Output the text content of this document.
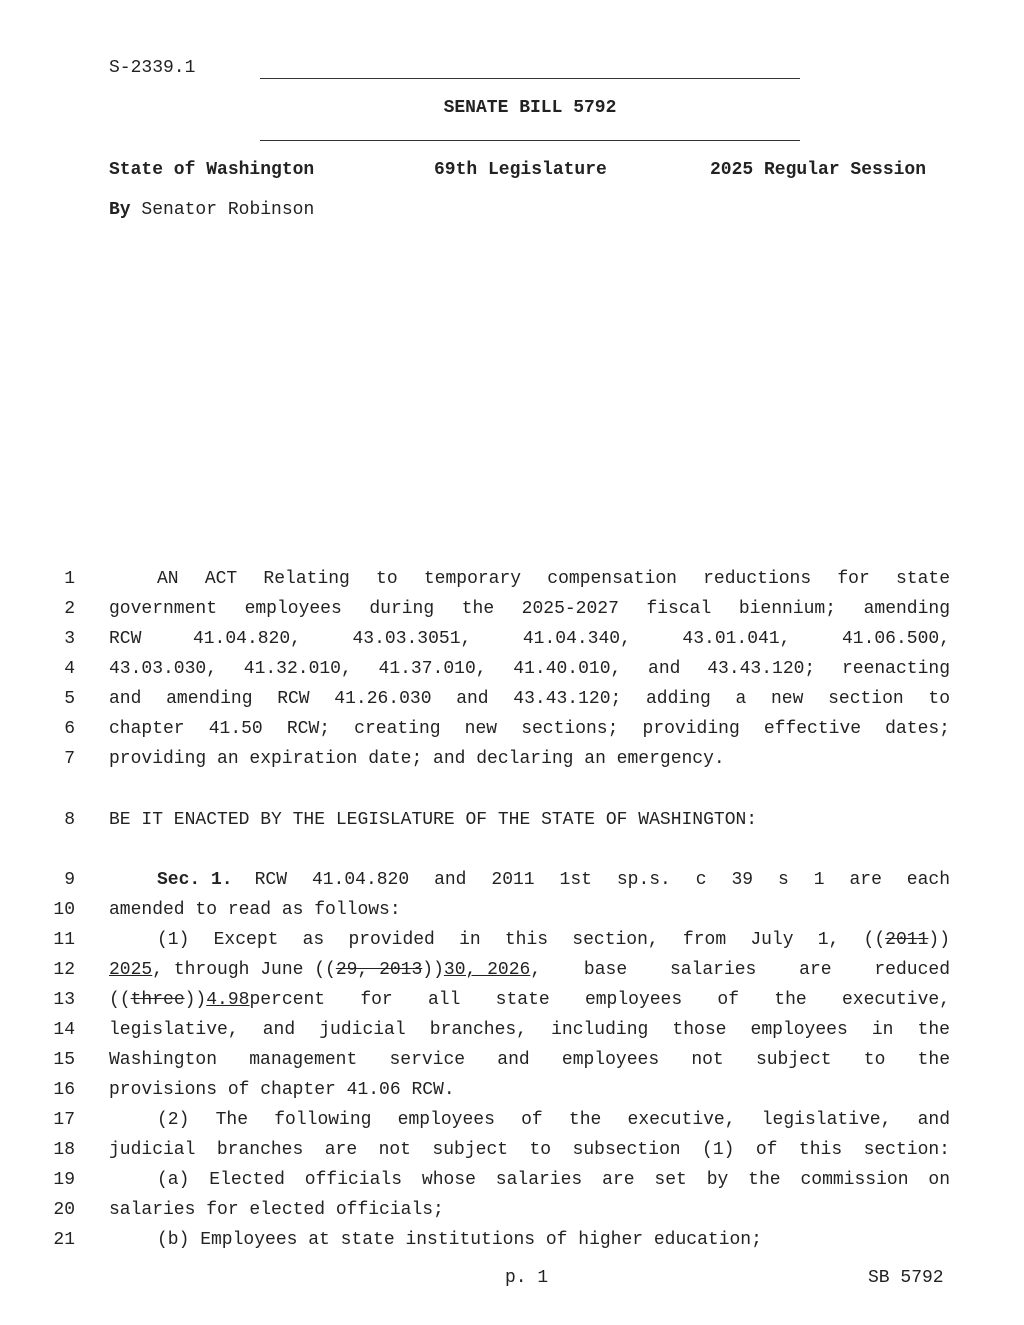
S-2339.1
SENATE BILL 5792
State of Washington	69th Legislature	2025 Regular Session
By Senator Robinson
1	AN ACT Relating to temporary compensation reductions for state
2 government employees during the 2025-2027 fiscal biennium; amending
3 RCW 41.04.820, 43.03.3051, 41.04.340, 43.01.041, 41.06.500,
4 43.03.030, 41.32.010, 41.37.010, 41.40.010, and 43.43.120; reenacting
5 and amending RCW 41.26.030 and 43.43.120; adding a new section to
6 chapter 41.50 RCW; creating new sections; providing effective dates;
7 providing an expiration date; and declaring an emergency.
8 BE IT ENACTED BY THE LEGISLATURE OF THE STATE OF WASHINGTON:
9	Sec. 1. RCW 41.04.820 and 2011 1st sp.s. c 39 s 1 are each
10 amended to read as follows:
11	(1) Except as provided in this section, from July 1, (( 2011 ))
12 2025 , through June (( 29, 2013 )) 30, 2026 , base salaries are reduced
13 (( three )) 4.98 percent for all state employees of the executive,
14 legislative, and judicial branches, including those employees in the
15 Washington management service and employees not subject to the
16 provisions of chapter 41.06 RCW.
17	(2) The following employees of the executive, legislative, and
18 judicial branches are not subject to subsection (1) of this section:
19	(a) Elected officials whose salaries are set by the commission on
20 salaries for elected officials;
21	(b) Employees at state institutions of higher education;
p. 1	SB 5792
